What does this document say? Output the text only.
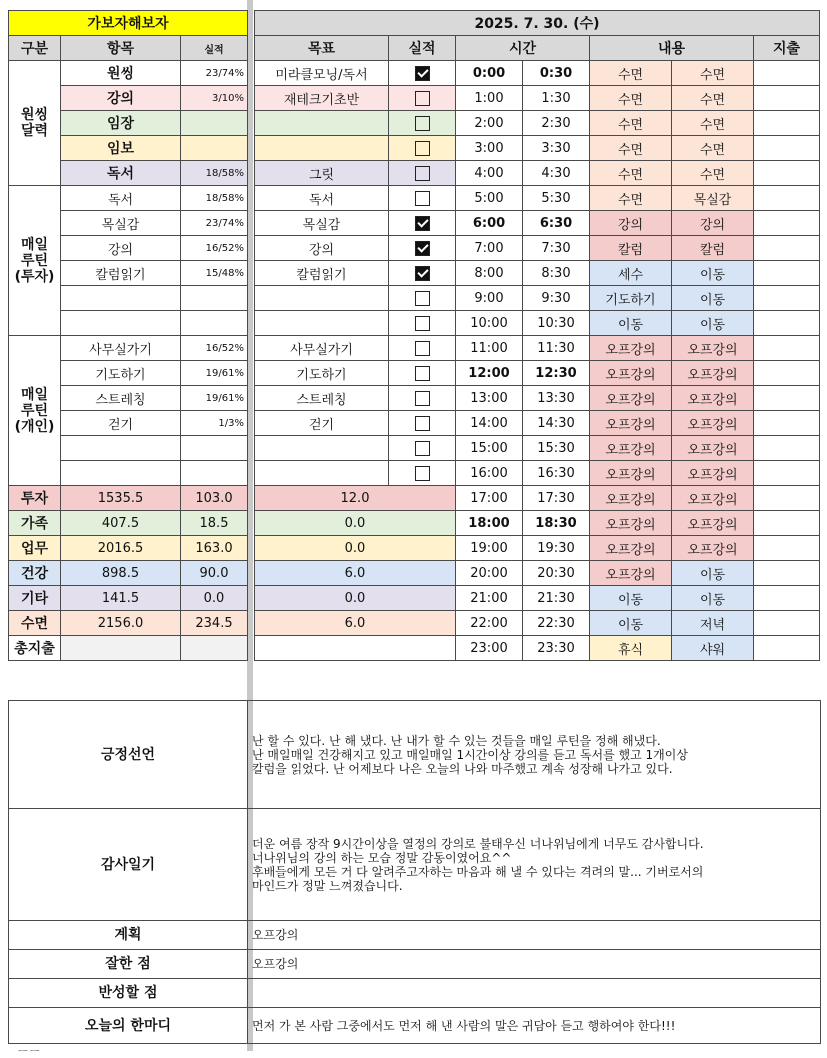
가보자해보자		
구분	항목	실적
원씽 달력	원씽	23/74%
	강의	3/10%
	임장	
	임보	
	독서	18/58%
매일 루틴 (투자)	독서	18/58%
	목실감	23/74%
	강의	16/52%
	칼럼읽기	15/48%

매일 루틴 (개인)	사무실가기	16/52%
	기도하기	19/61%
	스트레칭	19/61%
	걷기	1/3%

투자	1535.5	103.0
가족	407.5	18.5
업무	2016.5	163.0
건강	898.5	90.0
기타	141.5	0.0
수면	2156.0	234.5
총지출		
2025. 7. 30. (수)						
목표	실적	시간		내용		지출
미라클모닝/독서		0:00	0:30	수면	수면	
재테크기초반		1:00	1:30	수면	수면	
		2:00	2:30	수면	수면	
		3:00	3:30	수면	수면	
그릿		4:00	4:30	수면	수면	
독서		5:00	5:30	수면	목실감	
목실감		6:00	6:30	강의	강의	
강의		7:00	7:30	칼럼	칼럼	
칼럼읽기		8:00	8:30	세수	이동	
		9:00	9:30	기도하기	이동	
		10:00	10:30	이동	이동	
사무실가기		11:00	11:30	오프강의	오프강의	
기도하기		12:00	12:30	오프강의	오프강의	
스트레칭		13:00	13:30	오프강의	오프강의	
걷기		14:00	14:30	오프강의	오프강의	
		15:00	15:30	오프강의	오프강의	
		16:00	16:30	오프강의	오프강의	
12.0		17:00	17:30	오프강의	오프강의	
0.0		18:00	18:30	오프강의	오프강의	
0.0		19:00	19:30	오프강의	오프강의	
6.0		20:00	20:30	오프강의	이동	
0.0		21:00	21:30	이동	이동	
6.0		22:00	22:30	이동	저녁	
		23:00	23:30	휴식	샤워	
긍정선언	난 할 수 있다. 난 해 냈다. 난 내가 할 수 있는 것들을 매일 루틴을 정해 해냈다.
난 매일매일 건강해지고 있고 매일매일 1시간이상 강의를 듣고 독서를 했고 1개이상
칼럼을 읽었다. 난 어제보다 나은 오늘의 나와 마주했고 계속 성장해 나가고 있다.
감사일기	더운 여름 장작 9시간이상을 열정의 강의로 불태우신 너나위님에게 너무도 감사합니다.
너나위님의 강의 하는 모습 정말 감동이였어요^^
후배들에게 모든 거 다 알려주고자하는 마음과 해 낼 수 있다는 격려의 말... 기버로서의
마인드가 정말 느껴졌습니다.
계획	오프강의
잘한 점	오프강의
반성할 점	
오늘의 한마디	먼저 가 본 사람 그중에서도 먼저 해 낸 사람의 말은 귀담아 듣고 행하여야 한다!!!
ㅡㅡ
